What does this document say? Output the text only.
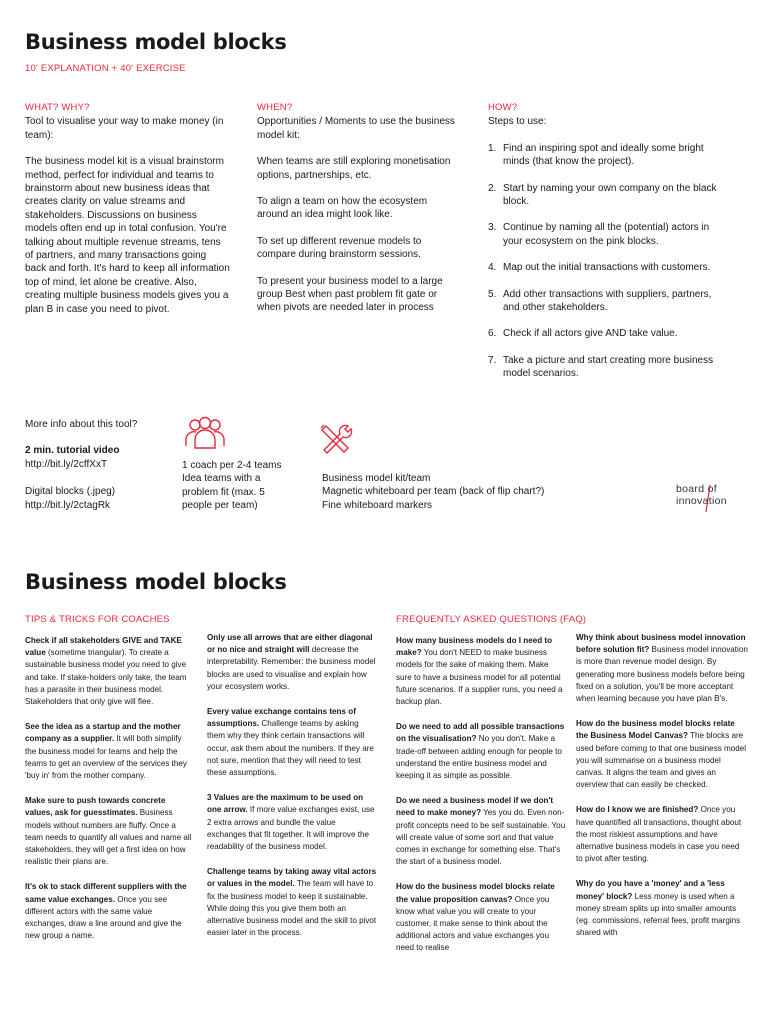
Business model blocks
10' EXPLANATION + 40' EXERCISE
WHAT? WHY?

Tool to visualise your way to make money (in team):

The business model kit is a visual brainstorm method, perfect for individual and teams to brainstorm about new business ideas that creates clarity on value streams and stakeholders. Discussions on business models often end up in total confusion. You're talking about multiple revenue streams, tens of partners, and many transactions going back and forth. It's hard to keep all information top of mind, let alone be creative. Also, creating multiple business models gives you a plan B in case you need to pivot.

WHEN?

Opportunities / Moments to use the business model kit:

When teams are still exploring monetisation options, partnerships, etc.

To align a team on how the ecosystem around an idea might look like.

To set up different revenue models to compare during brainstorm sessions.

To present your business model to a large group Best when past problem fit gate or when pivots are needed later in process

HOW?

Steps to use:

1. Find an inspiring spot and ideally some bright minds (that know the project).
2. Start by naming your own company on the black block.
3. Continue by naming all the (potential) actors in your ecosystem on the pink blocks.
4. Map out the initial transactions with customers.
5. Add other transactions with suppliers, partners, and other stakeholders.
6. Check if all actors give AND take value.
7. Take a picture and start creating more business model scenarios.
More info about this tool?
2 min. tutorial video
http://bit.ly/2cffXxT
Digital blocks (.jpeg)
http://bit.ly/2ctagRk
1 coach per 2-4 teams
Idea teams with a
problem fit (max. 5
people per team)
Business model kit/team
Magnetic whiteboard per team (back of flip chart?)
Fine whiteboard markers
board of
innovation
Business model blocks
TIPS & TRICKS FOR COACHES	FREQUENTLY ASKED QUESTIONS (FAQ)

Check if all stakeholders GIVE and TAKE value (sometime triangular). To create a sustainable business model you need to give and take. If stake-holders only take, the team has a parasite in their business model. Stakeholders that only give will flee.

See the idea as a startup and the mother company as a supplier. It will both simplify the business model for teams and help the teams to get an overview of the services they 'buy in' from the mother company.

Make sure to push towards concrete values, ask for guesstimates. Business models without numbers are fluffy. Once a team needs to quantify all values and name all stakeholders, they will get a first idea on how realistic their plans are.

It's ok to stack different suppliers with the same value exchanges. Once you see different actors with the same value exchanges, draw a line around and give the new group a name.

Only use all arrows that are either diagonal or no nice and straight will decrease the interpretability. Remember: the business model blocks are used to visualise and explain how your ecosystem works.

Every value exchange contains tens of assumptions. Challenge teams by asking them why they think certain transactions will occur, ask them about the numbers. If they are not sure, mention that they will need to test these assumptions.

3 Values are the maximum to be used on one arrow. If more value exchanges exist, use 2 extra arrows and bundle the value exchanges that fit together. It will improve the readability of the business model.

Challenge teams by taking away vital actors or values in the model. The team will have to fix the business model to keep it sustainable. While doing this you give them both an alternative business model and the skill to pivot easier later in the process.

How many business models do I need to make? You don't NEED to make business models for the sake of making them. Make sure to have a business model for all potential future scenarios. If a supplier runs, you need a backup plan.

Do we need to add all possible transactions on the visualisation? No you don't. Make a trade-off between adding enough for people to understand the entire business model and keeping it as simple as possible.

Do we need a business model if we don't need to make money? Yes you do. Even non-profit concepts need to be self sustainable. You will create value of some sort and that value comes in exchange for something else. That's the start of a business model.

How do the business model blocks relate the value proposition canvas? Once you know what value you will create to your customer, it make sense to think about the additional actors and value exchanges you need to realise

Why think about business model innovation before solution fit? Business model innovation is more than revenue model design. By generating more business models before being fixed on a solution, you'll be more acceptant when learning because you have plan B's.

How do the business model blocks relate the Business Model Canvas? The blocks are used before coming to that one business model you will summarise on a business model canvas. It aligns the team and gives an overview that can easily be checked.

How do I know we are finished? Once you have quantified all transactions, thought about the most riskiest assumptions and have alternative business models in case you need to pivot after testing.

Why do you have a 'money' and a 'less money' block? Less money is used when a money stream splits up into smaller amounts (eg. commissions, referral fees, profit margins shared with
